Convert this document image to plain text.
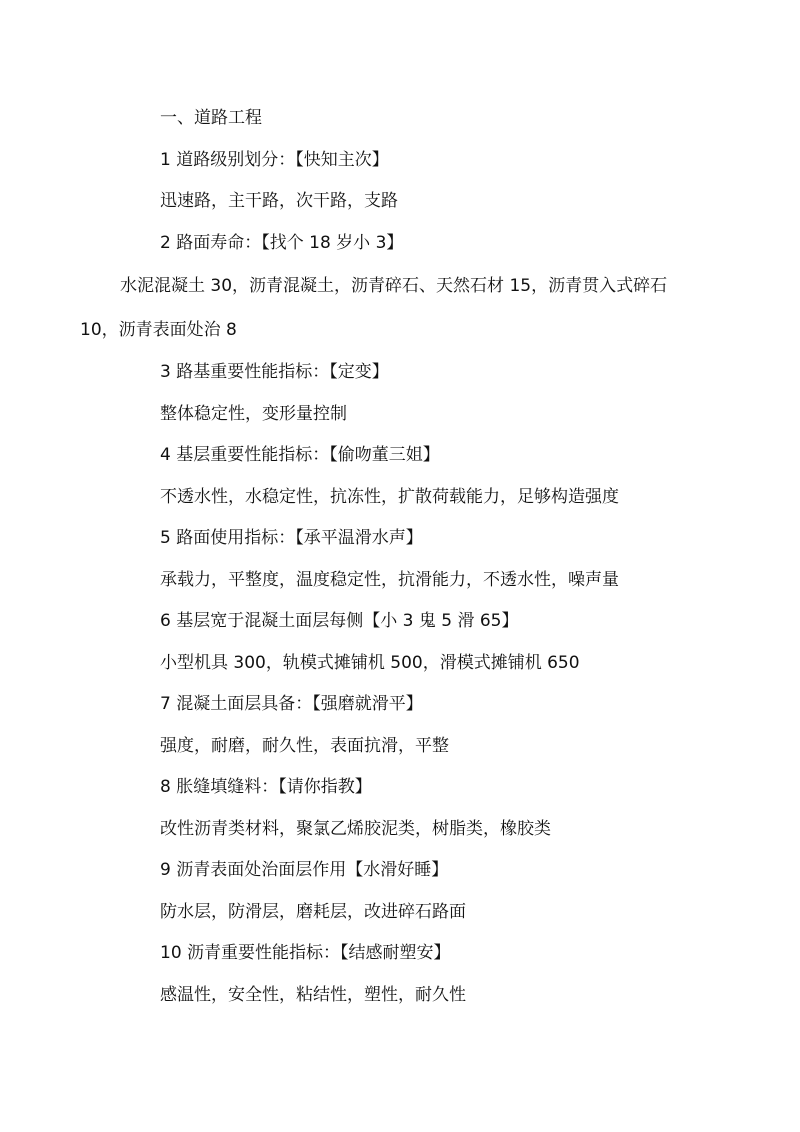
一、道路工程
1 道路级别划分：【快知主次】
迅速路，主干路，次干路，支路
2 路面寿命：【找个 18 岁小 3】
水泥混凝土 30，沥青混凝土，沥青碎石、天然石材 15，沥青贯入式碎石 10，沥青表面处治 8
3 路基重要性能指标：【定变】
整体稳定性，变形量控制
4 基层重要性能指标：【偷吻董三姐】
不透水性，水稳定性，抗冻性，扩散荷载能力，足够构造强度
5 路面使用指标：【承平温滑水声】
承载力，平整度，温度稳定性，抗滑能力，不透水性，噪声量
6 基层宽于混凝土面层每侧【小 3 鬼 5 滑 65】
小型机具 300，轨模式摊铺机 500，滑模式摊铺机 650
7 混凝土面层具备：【强磨就滑平】
强度，耐磨，耐久性，表面抗滑，平整
8 胀缝填缝料：【请你指教】
改性沥青类材料，聚氯乙烯胶泥类，树脂类，橡胶类
9 沥青表面处治面层作用【水滑好睡】
防水层，防滑层，磨耗层，改进碎石路面
10 沥青重要性能指标：【结感耐塑安】
感温性，安全性，粘结性，塑性，耐久性
